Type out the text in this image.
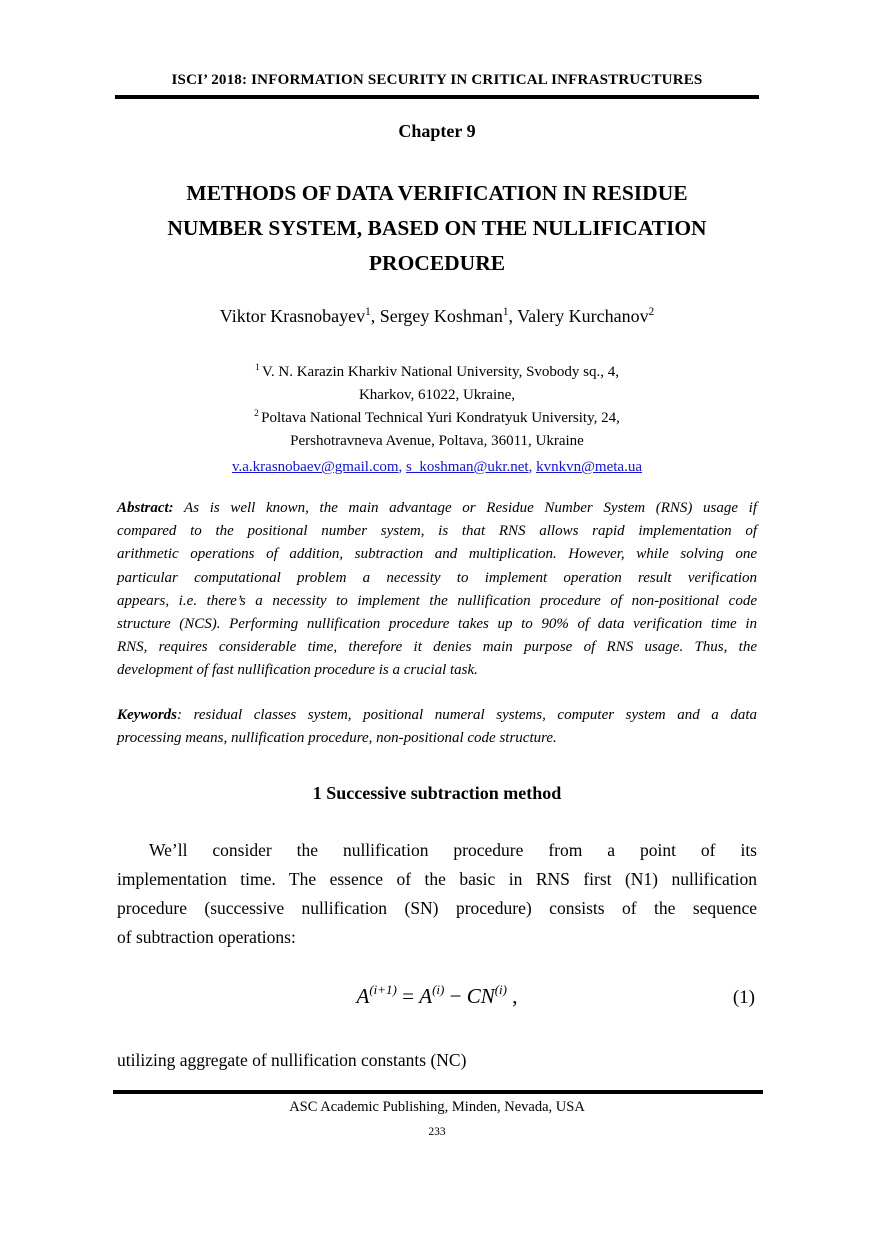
ISCI’ 2018: INFORMATION SECURITY IN CRITICAL INFRASTRUCTURES
Chapter 9
METHODS OF DATA VERIFICATION IN RESIDUE
NUMBER SYSTEM, BASED ON THE NULLIFICATION
PROCEDURE
Viktor Krasnobayev$^1$, Sergey Koshman$^1$, Valery Kurchanov$^2$
$^1$ V. N. Karazin Kharkiv National University, Svobody sq., 4,
Kharkov, 61022, Ukraine,
$^2$ Poltava National Technical Yuri Kondratyuk University, 24,
Pershotravneva Avenue, Poltava, 36011, Ukraine
v.a.krasnobaev@gmail.com, s_koshman@ukr.net, kvnkvn@meta.ua
Abstract: As is well known, the main advantage or Residue Number System (RNS) usage if
compared to the positional number system, is that RNS allows rapid implementation of
arithmetic operations of addition, subtraction and multiplication. However, while solving one
particular computational problem a necessity to implement operation result verification
appears, i.e. there’s a necessity to implement the nullification procedure of non-positional code
structure (NCS). Performing nullification procedure takes up to 90% of data verification time in
RNS, requires considerable time, therefore it denies main purpose of RNS usage. Thus, the
development of fast nullification procedure is a crucial task.
Keywords: residual classes system, positional numeral systems, computer system and a data
processing means, nullification procedure, non-positional code structure.
1 Successive subtraction method
We’ll consider the nullification procedure from a point of its
implementation time. The essence of the basic in RNS first (N1) nullification
procedure (successive nullification (SN) procedure) consists of the sequence
of subtraction operations:
$A^{(i+1)} = A^{(i)} - CN^{(i)}$ ,	(1)
utilizing aggregate of nullification constants (NC)
ASC Academic Publishing, Minden, Nevada, USA
233
